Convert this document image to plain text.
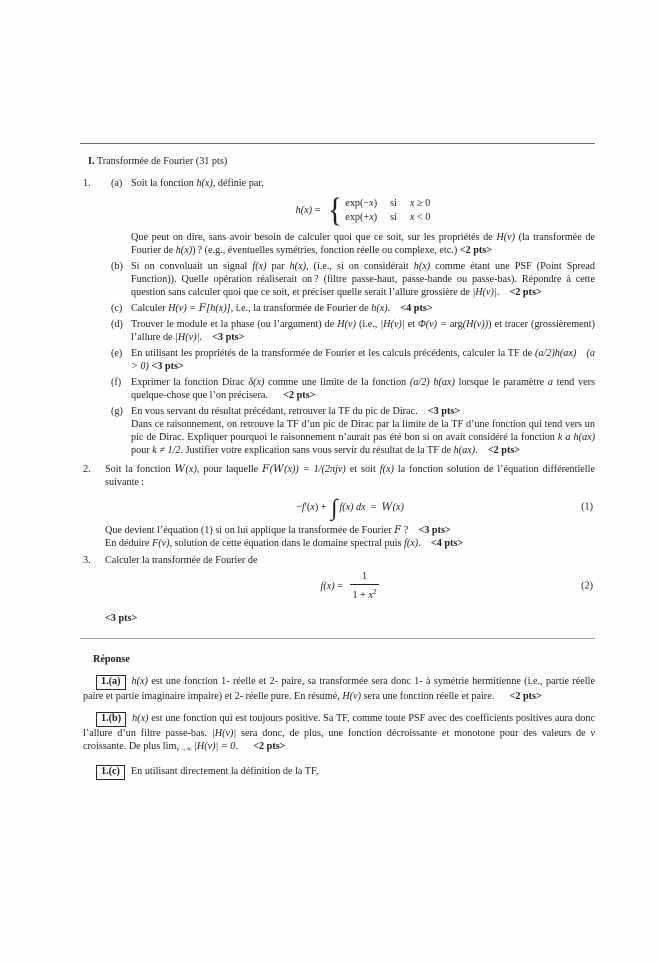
I. Transformée de Fourier (31 pts)
1.	(a) Soit la fonction h(x), définie par,
h(x) = { exp(−x) si x ≥ 0
exp(+x) si x < 0
Que peut on dire, sans avoir besoin de calculer quoi que ce soit, sur les propriétés de H(ν) (la transformée de Fourier de h(x)) ? (e.g., éventuelles symétries, fonction réelle ou complexe, etc.) <2 pts>
(b) Si on convoluait un signal f(x) par h(x), (i.e., si on considérait h(x) comme étant une PSF (Point Spread Function)). Quelle opération réaliserait on ? (filtre passe-haut, passe-bande ou passe-bas). Répondre à cette question sans calculer quoi que ce soit, et préciser quelle serait l’allure grossière de |H(ν)|.  <2 pts>
(c) Calculer H(ν) = F[h(x)], i.e., la transformée de Fourier de h(x).  <4 pts>
(d) Trouver le module et la phase (ou l’argument) de H(ν) (i.e., |H(ν)| et Φ(ν) = arg(H(ν))) et tracer (grossièrement) l’allure de |H(ν)|.  <3 pts>
(e) En utilisant les propriétés de la transformée de Fourier et les calculs précédents, calculer la TF de (a/2)h(ax)   (a > 0) <3 pts>
(f) Exprimer la fonction Dirac δ(x) comme une limite de la fonction (a/2) h(ax) lorsque le paramètre a tend vers quelque-chose que l’on précisera.   <2 pts>
(g) En vous servant du résultat précédant, retrouver la TF du pic de Dirac.  <3 pts>
Dans ce raisonnement, on retrouve la TF d’un pic de Dirac par la limite de la TF d’une fonction qui tend vers un pic de Dirac. Expliquer pourquoi le raisonnement n’aurait pas été bon si on avait considéré la fonction k a h(ax) pour k ≠ 1/2. Justifier votre explication sans vous servir du résultat de la TF de h(ax).  <2 pts>
2.	Soit la fonction W(x), pour laquelle F(W(x)) = 1/(2πjν) et soit f(x) la fonction solution de l’équation différentielle suivante :
−f′(x) + ∫ f(x) dx = W(x)	(1)
Que devient l’équation (1) si on lui applique la transformée de Fourier F ?  <3 pts>
En déduire F(ν), solution de cette équation dans le domaine spectral puis f(x).  <4 pts>
3.	Calculer la transformée de Fourier de
$f(x) = \frac{1}{1 + x^2}$	(2)
<3 pts>
Réponse

1.(a) h(x) est une fonction 1- réelle et 2- paire, sa transformée sera donc 1- à symétrie hermitienne (i.e., partie réelle paire et partie imaginaire impaire) et 2- réelle pure. En résumé, H(ν) sera une fonction réelle et paire.   <2 pts>

1.(b) h(x) est une fonction qui est toujours positive. Sa TF, comme toute PSF avec des coefficients positives aura donc l’allure d’un filtre passe-bas. |H(ν)| sera donc, de plus, une fonction décroissante et monotone pour des valeurs de ν croissante. De plus $\lim_{\nu\to\infty} |H(\nu)| = 0$.   <2 pts>

1.(c) En utilisant directement la définition de la TF,
